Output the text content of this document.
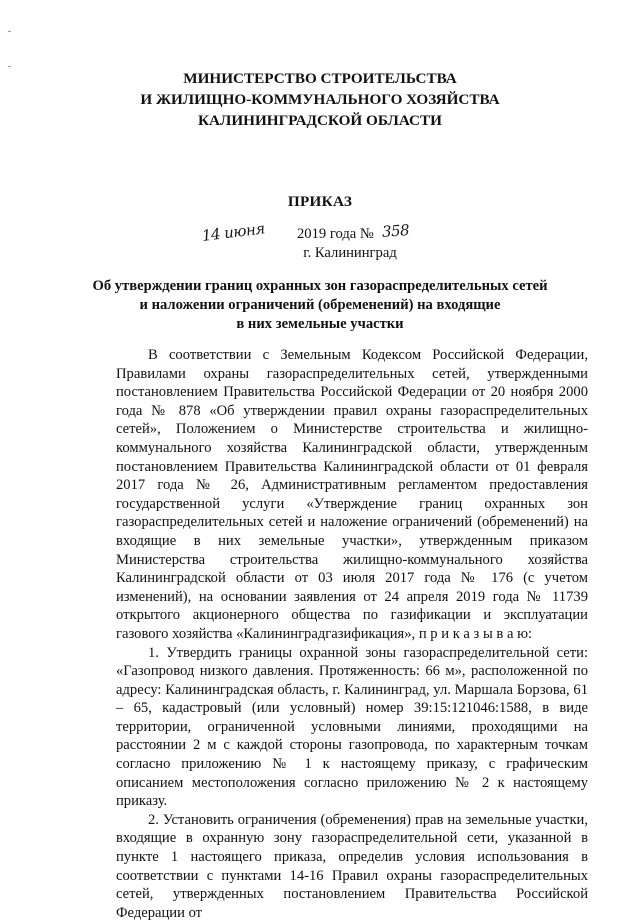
МИНИСТЕРСТВО СТРОИТЕЛЬСТВА
И ЖИЛИЩНО-КОММУНАЛЬНОГО ХОЗЯЙСТВА
КАЛИНИНГРАДСКОЙ ОБЛАСТИ
ПРИКАЗ
14 июня 2019 года № 358
г. Калининград
Об утверждении границ охранных зон газораспределительных сетей
и наложении ограничений (обременений) на входящие
в них земельные участки

В соответствии с Земельным Кодексом Российской Федерации, Правилами охраны газораспределительных сетей, утвержденными постановлением Правительства Российской Федерации от 20 ноября 2000 года № 878 «Об утверждении правил охраны газораспределительных сетей», Положением о Министерстве строительства и жилищно-коммунального хозяйства Калининградской области, утвержденным постановлением Правительства Калининградской области от 01 февраля 2017 года № 26, Административным регламентом предоставления государственной услуги «Утверждение границ охранных зон газораспределительных сетей и наложение ограничений (обременений) на входящие в них земельные участки», утвержденным приказом Министерства строительства жилищно-коммунального хозяйства Калининградской области от 03 июля 2017 года № 176 (с учетом изменений), на основании заявления от 24 апреля 2019 года № 11739 открытого акционерного общества по газификации и эксплуатации газового хозяйства «Калининградгазификация», п р и к а з ы в а ю:

1. Утвердить границы охранной зоны газораспределительной сети: «Газопровод низкого давления. Протяженность: 66 м», расположенной по адресу: Калининградская область, г. Калининград, ул. Маршала Борзова, 61 – 65, кадастровый (или условный) номер 39:15:121046:1588, в виде территории, ограниченной условными линиями, проходящими на расстоянии 2 м с каждой стороны газопровода, по характерным точкам согласно приложению № 1 к настоящему приказу, с графическим описанием местоположения согласно приложению № 2 к настоящему приказу.

2. Установить ограничения (обременения) прав на земельные участки, входящие в охранную зону газораспределительной сети, указанной в пункте 1 настоящего приказа, определив условия использования в соответствии с пунктами 14-16 Правил охраны газораспределительных сетей, утвержденных постановлением Правительства Российской Федерации от
